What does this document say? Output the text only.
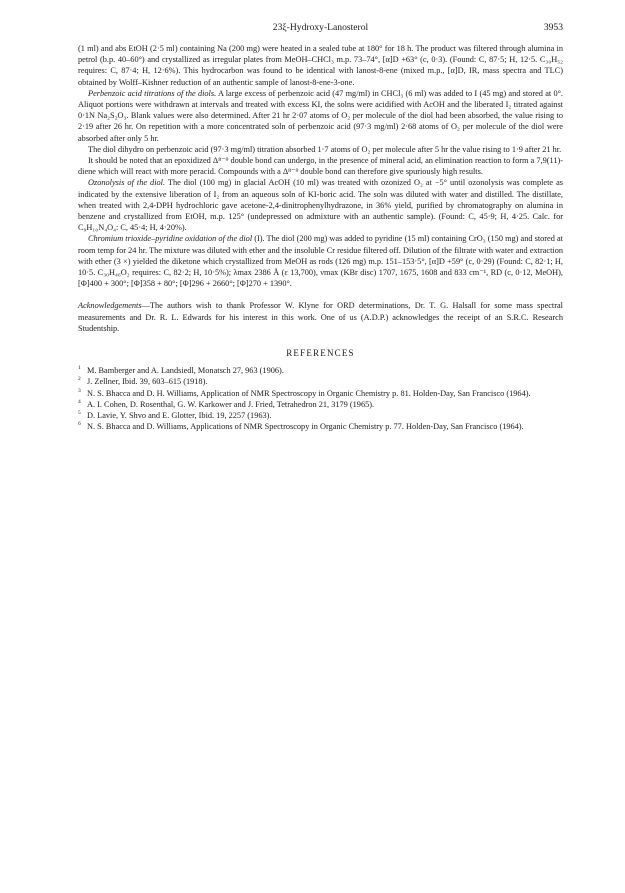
23ξ-Hydroxy-Lanosterol	3953

(1 ml) and abs EtOH (2·5 ml) containing Na (200 mg) were heated in a sealed tube at 180° for 18 h. The product was filtered through alumina in petrol (b.p. 40–60°) and crystallized as irregular plates from MeOH–CHCl₃ m.p. 73–74°, [α]D +63° (c, 0·3). (Found: C, 87·5; H, 12·5. C₃₀H₅₂ requires: C, 87·4; H, 12·6%). This hydrocarbon was found to be identical with lanost-8-ene (mixed m.p., [α]D, IR, mass spectra and TLC) obtained by Wolff–Kishner reduction of an authentic sample of lanost-8-ene-3-one.

Perbenzoic acid titrations of the diols. A large excess of perbenzoic acid (47 mg/ml) in CHCl₃ (6 ml) was added to I (45 mg) and stored at 0°. Aliquot portions were withdrawn at intervals and treated with excess KI, the solns were acidified with AcOH and the liberated I₂ titrated against 0·1N Na₂S₂O₃. Blank values were also determined. After 21 hr 2·07 atoms of O₂ per molecule of the diol had been absorbed, the value rising to 2·19 after 26 hr. On repetition with a more concentrated soln of perbenzoic acid (97·3 mg/ml) 2·68 atoms of O₂ per molecule of the diol were absorbed after only 5 hr.

The diol dihydro on perbenzoic acid (97·3 mg/ml) titration absorbed 1·7 atoms of O₂ per molecule after 5 hr the value rising to 1·9 after 21 hr.

It should be noted that an epoxidized Δ⁸⁻⁹ double bond can undergo, in the presence of mineral acid, an elimination reaction to form a 7,9(11)-diene which will react with more peracid. Compounds with a Δ⁸⁻⁹ double bond can therefore give spuriously high results.

Ozonolysis of the diol. The diol (100 mg) in glacial AcOH (10 ml) was treated with ozonized O₂ at −5° until ozonolysis was complete as indicated by the extensive liberation of I₂ from an aqueous soln of KI-boric acid. The soln was diluted with water and distilled. The distillate, when treated with 2,4-DPH hydrochloric gave acetone-2,4-dinitrophenylhydrazone, in 36% yield, purified by chromatography on alumina in benzene and crystallized from EtOH, m.p. 125° (undepressed on admixture with an authentic sample). (Found: C, 45·9; H, 4·25. Calc. for C₉H₁₀N₄O₄: C, 45·4; H, 4·20%).

Chromium trioxide–pyridine oxidation of the diol (I). The diol (200 mg) was added to pyridine (15 ml) containing CrO₃ (150 mg) and stored at room temp for 24 hr. The mixture was diluted with ether and the insoluble Cr residue filtered off. Dilution of the filtrate with water and extraction with ether (3 ×) yielded the diketone which crystallized from MeOH as rods (126 mg) m.p. 151–153·5°, [α]D +59° (c, 0·29) (Found: C, 82·1; H, 10·5. C₃₀H₄₆O₂ requires: C, 82·2; H, 10·5%); λmax 2386 Å (ε 13,700), νmax (KBr disc) 1707, 1675, 1608 and 833 cm⁻¹, RD (c, 0·12, MeOH), [Φ]400 + 300°; [Φ]358 + 80°; [Φ]296 + 2660°; [Φ]270 + 1390°.

Acknowledgements—The authors wish to thank Professor W. Klyne for ORD determinations, Dr. T. G. Halsall for some mass spectral measurements and Dr. R. L. Edwards for his interest in this work. One of us (A.D.P.) acknowledges the receipt of an S.R.C. Research Studentship.

REFERENCES

1 M. Bamberger and A. Landsiedl, Monatsch 27, 963 (1906).

2 J. Zellner, Ibid. 39, 603–615 (1918).

3 N. S. Bhacca and D. H. Williams, Application of NMR Spectroscopy in Organic Chemistry p. 81. Holden-Day, San Francisco (1964).

4 A. I. Cohen, D. Rosenthal, G. W. Karkower and J. Fried, Tetrahedron 21, 3179 (1965).

5 D. Lavie, Y. Shvo and E. Glotter, Ibid. 19, 2257 (1963).

6 N. S. Bhacca and D. Williams, Applications of NMR Spectroscopy in Organic Chemistry p. 77. Holden-Day, San Francisco (1964).
